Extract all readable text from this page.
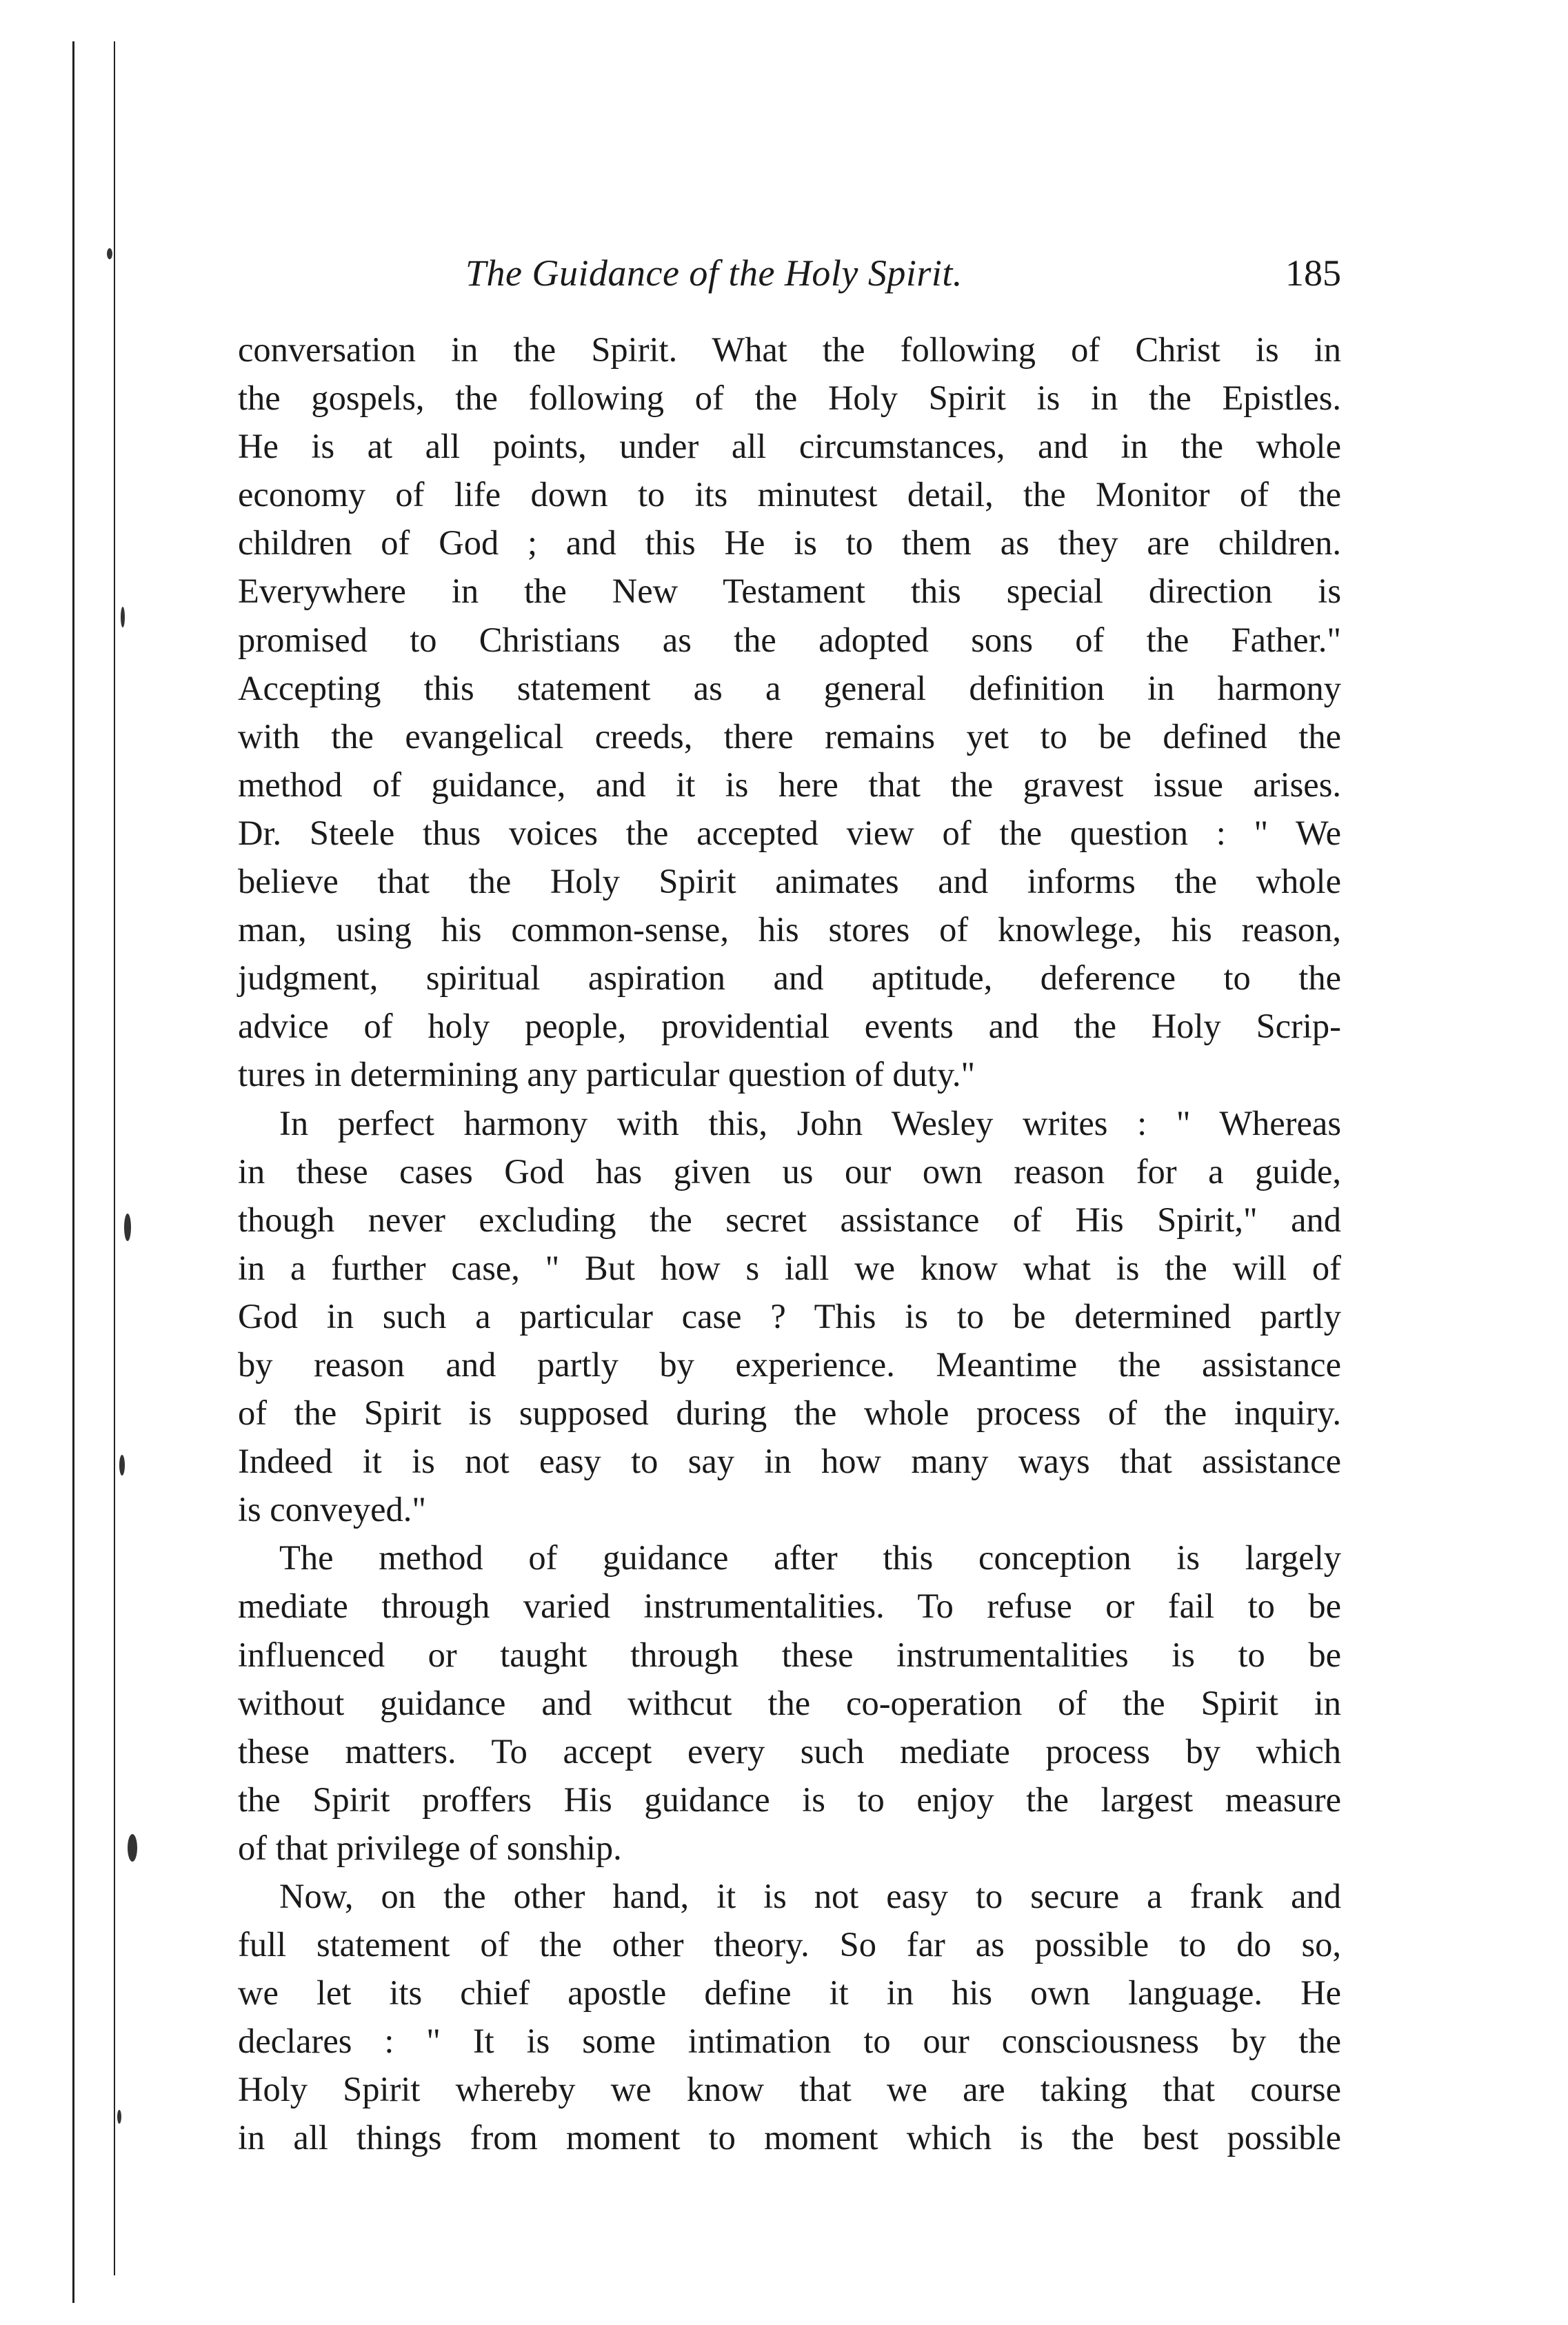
The Guidance of the Holy Spirit.	185
conversation in the Spirit. What the following of Christ is in
the gospels, the following of the Holy Spirit is in the Epistles.
He is at all points, under all circumstances, and in the whole
economy of life down to its minutest detail, the Monitor of the
children of God ; and this He is to them as they are children.
Everywhere in the New Testament this special direction is
promised to Christians as the adopted sons of the Father."
Accepting this statement as a general definition in harmony
with the evangelical creeds, there remains yet to be defined the
method of guidance, and it is here that the gravest issue arises.
Dr. Steele thus voices the accepted view of the question : " We
believe that the Holy Spirit animates and informs the whole
man, using his common-sense, his stores of knowlege, his reason,
judgment, spiritual aspiration and aptitude, deference to the
advice of holy people, providential events and the Holy Scrip-
tures in determining any particular question of duty."
In perfect harmony with this, John Wesley writes : " Whereas
in these cases God has given us our own reason for a guide,
though never excluding the secret assistance of His Spirit," and
in a further case, " But how s iall we know what is the will of
God in such a particular case ? This is to be determined partly
by reason and partly by experience. Meantime the assistance
of the Spirit is supposed during the whole process of the inquiry.
Indeed it is not easy to say in how many ways that assistance
is conveyed."
The method of guidance after this conception is largely
mediate through varied instrumentalities. To refuse or fail to be
influenced or taught through these instrumentalities is to be
without guidance and withcut the co-operation of the Spirit in
these matters. To accept every such mediate process by which
the Spirit proffers His guidance is to enjoy the largest measure
of that privilege of sonship.
Now, on the other hand, it is not easy to secure a frank and
full statement of the other theory. So far as possible to do so,
we let its chief apostle define it in his own language. He
declares : " It is some intimation to our consciousness by the
Holy Spirit whereby we know that we are taking that course
in all things from moment to moment which is the best possible
